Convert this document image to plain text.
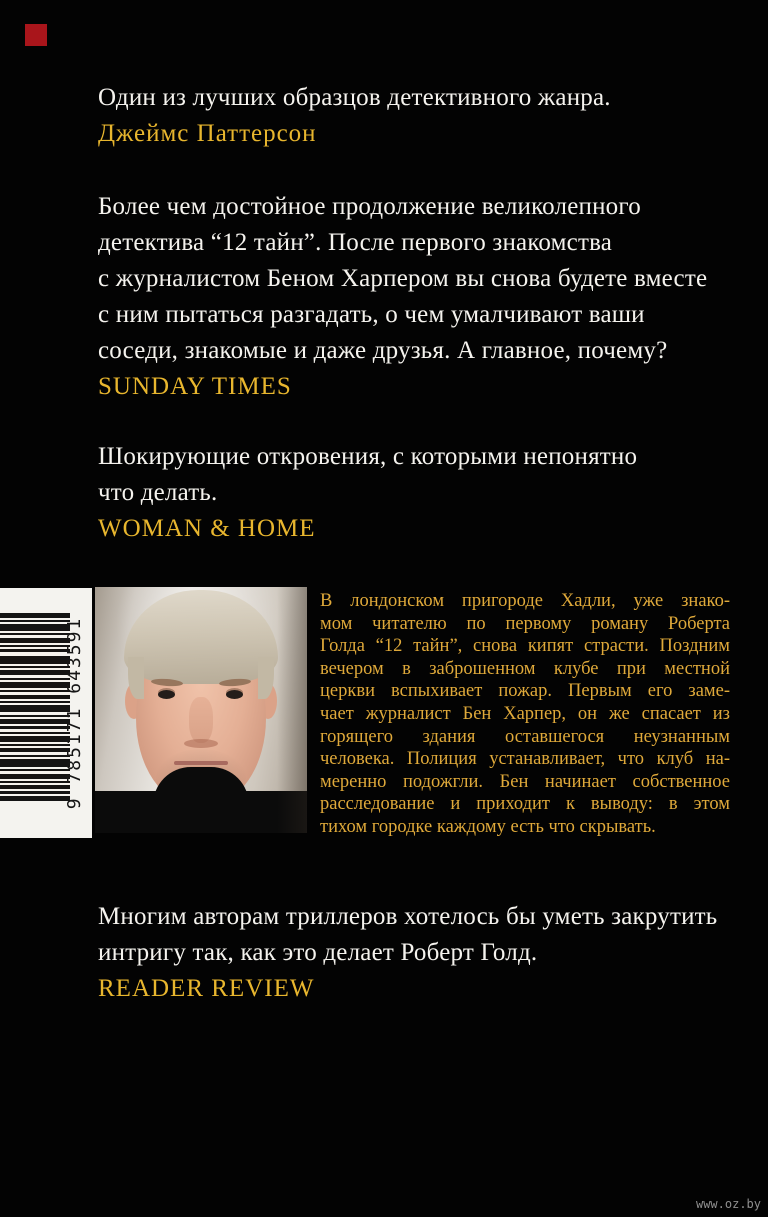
Один из лучших образцов детективного жанра.
Джеймс Паттерсон
Более чем достойное продолжение великолепного
детектива “12 тайн”. После первого знакомства
с журналистом Беном Харпером вы снова будете вместе
с ним пытаться разгадать, о чем умалчивают ваши
соседи, знакомые и даже друзья. А главное, почему?
SUNDAY TIMES
Шокирующие откровения, с которыми непонятно
что делать.
WOMAN & HOME
9 785171 643591
В лондонском пригороде Хадли, уже знако-
мом читателю по первому роману Роберта
Голда “12 тайн”, снова кипят страсти. Поздним
вечером в заброшенном клубе при местной
церкви вспыхивает пожар. Первым его заме-
чает журналист Бен Харпер, он же спасает из
горящего здания оставшегося неузнанным
человека. Полиция устанавливает, что клуб на-
меренно подожгли. Бен начинает собственное
расследование и приходит к выводу: в этом
тихом городке каждому есть что скрывать.
Многим авторам триллеров хотелось бы уметь закрутить
интригу так, как это делает Роберт Голд.
READER REVIEW
www.oz.by
